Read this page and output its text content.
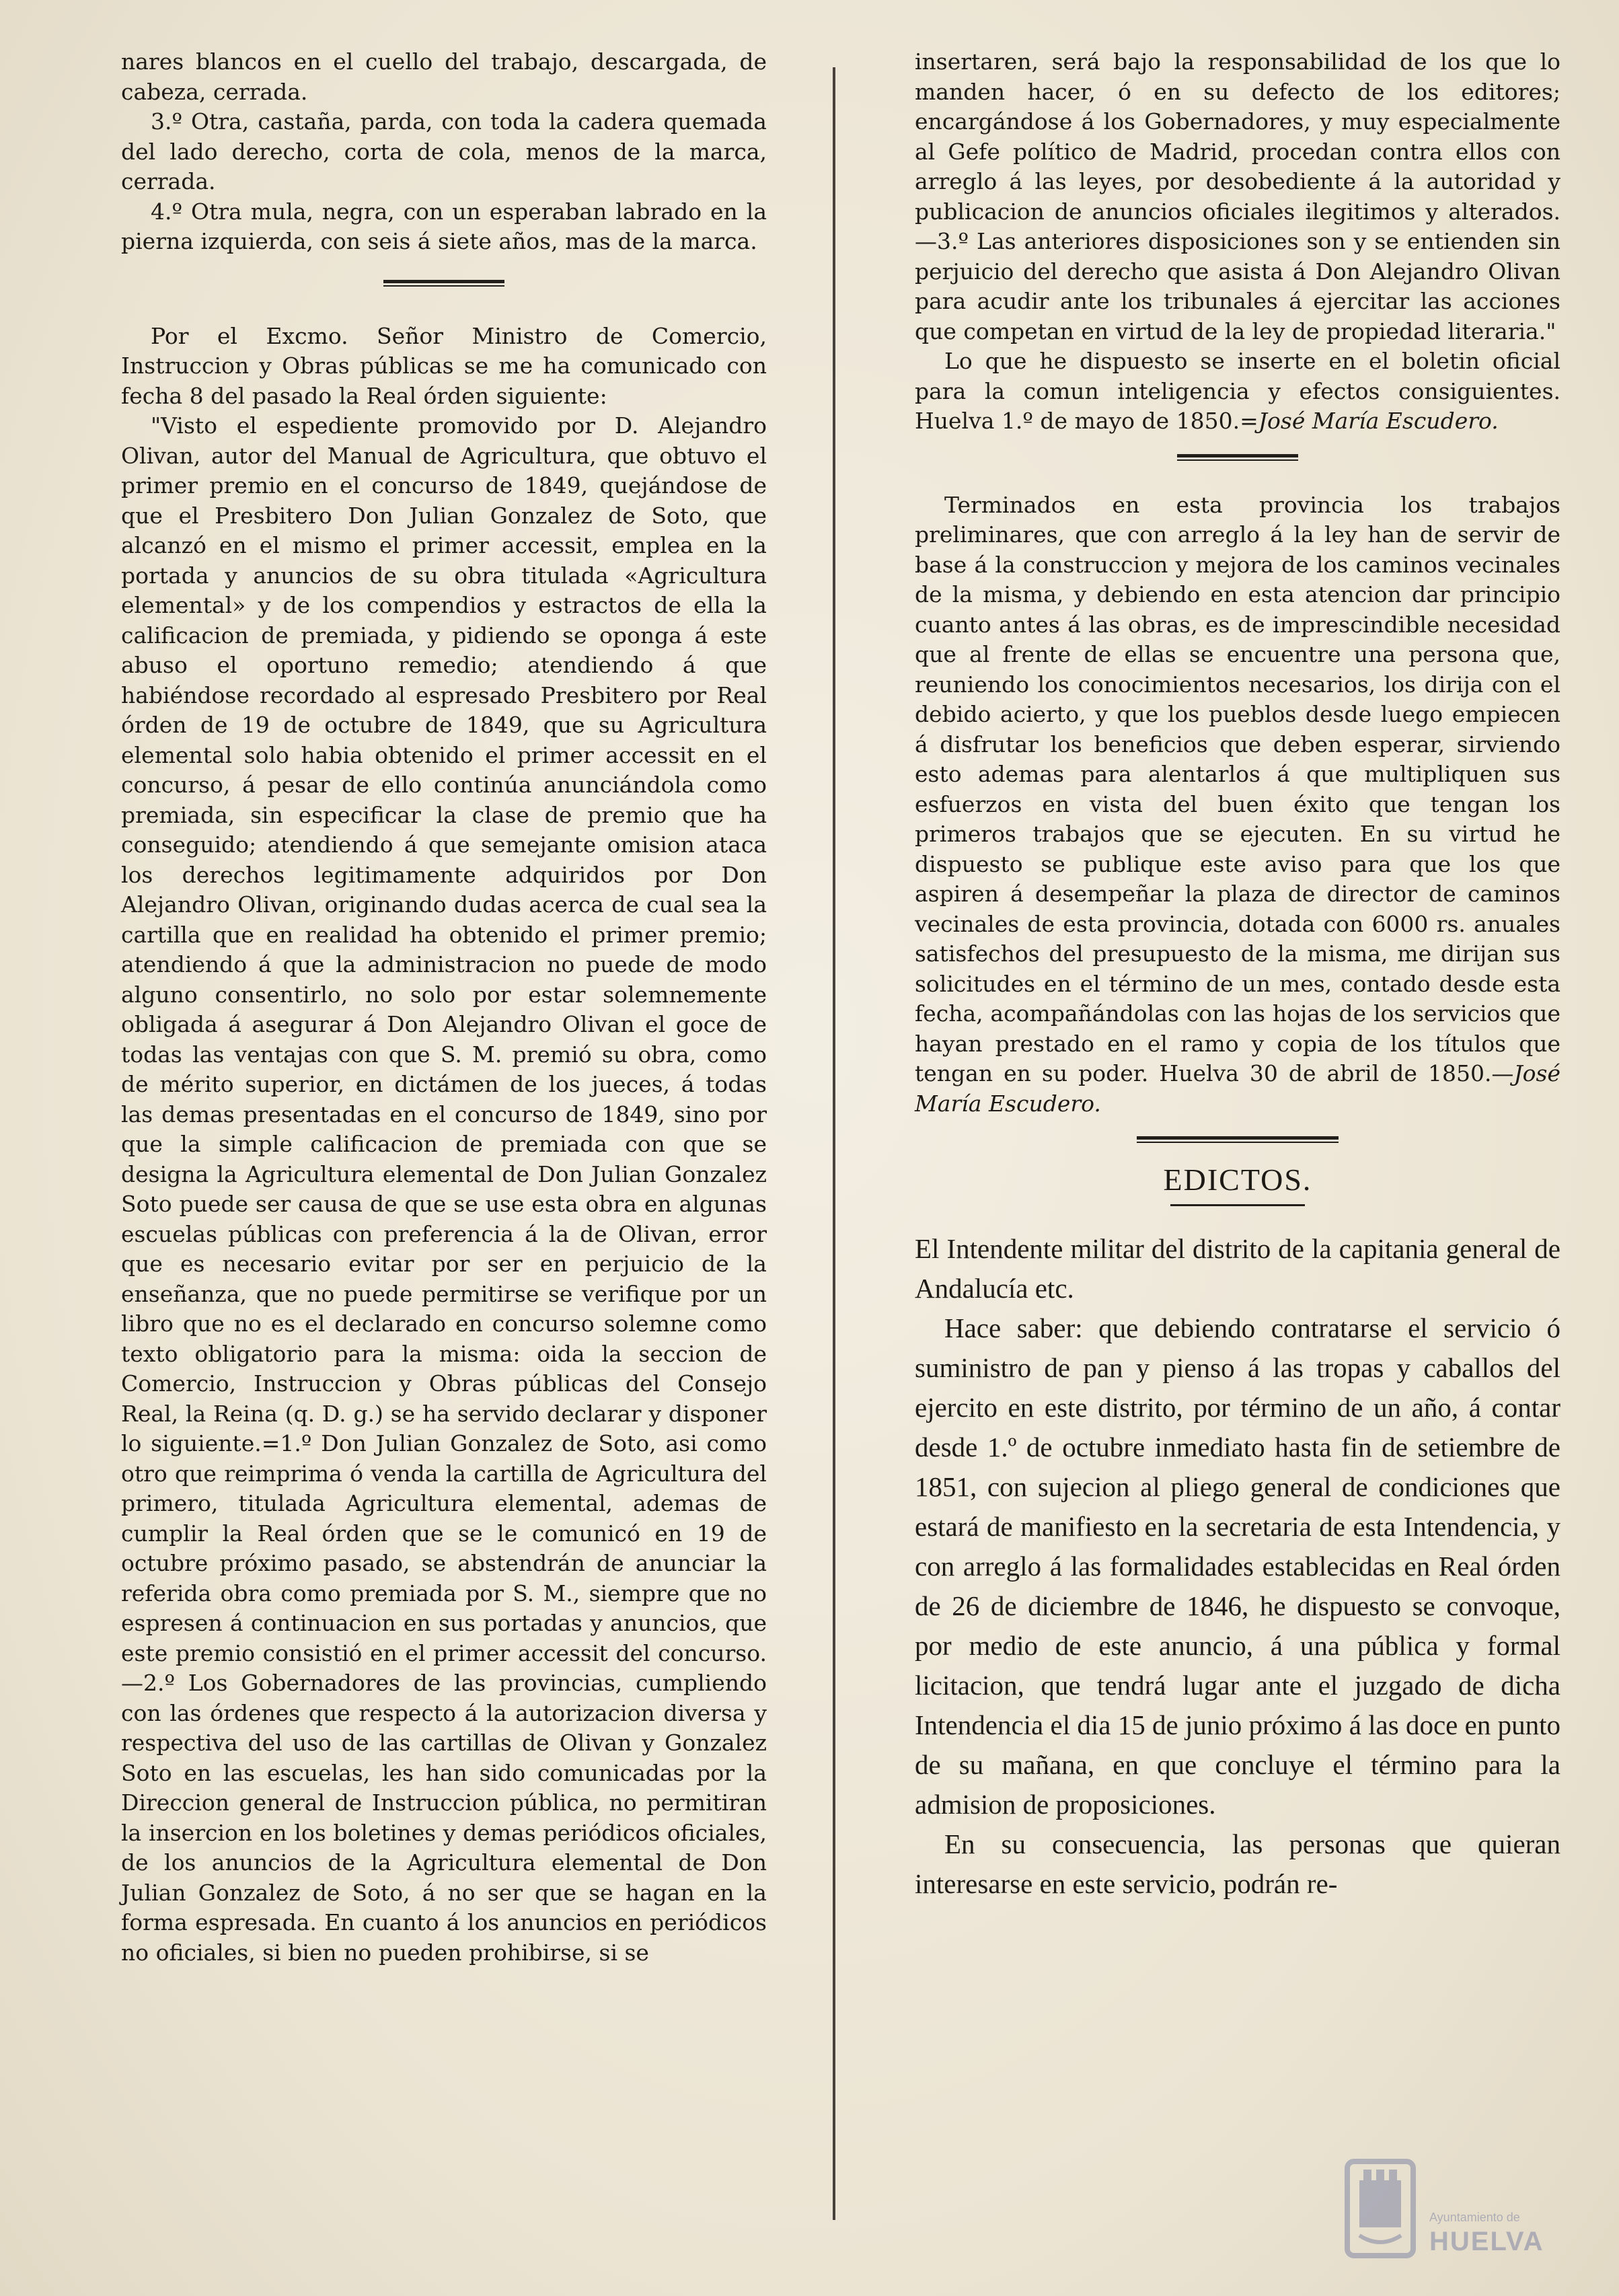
nares blancos en el cuello del trabajo, descargada, de cabeza, cerrada.

3.º Otra, castaña, parda, con toda la cadera quemada del lado derecho, corta de cola, menos de la marca, cerrada.

4.º Otra mula, negra, con un esperaban labrado en la pierna izquierda, con seis á siete años, mas de la marca.

Por el Excmo. Señor Ministro de Comercio, Instruccion y Obras públicas se me ha comunicado con fecha 8 del pasado la Real órden siguiente:

"Visto el espediente promovido por D. Alejandro Olivan, autor del Manual de Agricultura, que obtuvo el primer premio en el concurso de 1849, quejándose de que el Presbitero Don Julian Gonzalez de Soto, que alcanzó en el mismo el primer accessit, emplea en la portada y anuncios de su obra titulada «Agricultura elemental» y de los compendios y estractos de ella la calificacion de premiada, y pidiendo se oponga á este abuso el oportuno remedio; atendiendo á que habiéndose recordado al espresado Presbitero por Real órden de 19 de octubre de 1849, que su Agricultura elemental solo habia obtenido el primer accessit en el concurso, á pesar de ello continúa anunciándola como premiada, sin especificar la clase de premio que ha conseguido; atendiendo á que semejante omision ataca los derechos legitimamente adquiridos por Don Alejandro Olivan, originando dudas acerca de cual sea la cartilla que en realidad ha obtenido el primer premio; atendiendo á que la administracion no puede de modo alguno consentirlo, no solo por estar solemnemente obligada á asegurar á Don Alejandro Olivan el goce de todas las ventajas con que S. M. premió su obra, como de mérito superior, en dictámen de los jueces, á todas las demas presentadas en el concurso de 1849, sino por que la simple calificacion de premiada con que se designa la Agricultura elemental de Don Julian Gonzalez Soto puede ser causa de que se use esta obra en algunas escuelas públicas con preferencia á la de Olivan, error que es necesario evitar por ser en perjuicio de la enseñanza, que no puede permitirse se verifique por un libro que no es el declarado en concurso solemne como texto obligatorio para la misma: oida la seccion de Comercio, Instruccion y Obras públicas del Consejo Real, la Reina (q. D. g.) se ha servido declarar y disponer lo siguiente.=1.º Don Julian Gonzalez de Soto, asi como otro que reimprima ó venda la cartilla de Agricultura del primero, titulada Agricultura elemental, ademas de cumplir la Real órden que se le comunicó en 19 de octubre próximo pasado, se abstendrán de anunciar la referida obra como premiada por S. M., siempre que no espresen á continuacion en sus portadas y anuncios, que este premio consistió en el primer accessit del concurso.—2.º Los Gobernadores de las provincias, cumpliendo con las órdenes que respecto á la autorizacion diversa y respectiva del uso de las cartillas de Olivan y Gonzalez Soto en las escuelas, les han sido comunicadas por la Direccion general de Instruccion pública, no permitiran la insercion en los boletines y demas periódicos oficiales, de los anuncios de la Agricultura elemental de Don Julian Gonzalez de Soto, á no ser que se hagan en la forma espresada. En cuanto á los anuncios en periódicos no oficiales, si bien no pueden prohibirse, si se

insertaren, será bajo la responsabilidad de los que lo manden hacer, ó en su defecto de los editores; encargándose á los Gobernadores, y muy especialmente al Gefe político de Madrid, procedan contra ellos con arreglo á las leyes, por desobediente á la autoridad y publicacion de anuncios oficiales ilegitimos y alterados.—3.º Las anteriores disposiciones son y se entienden sin perjuicio del derecho que asista á Don Alejandro Olivan para acudir ante los tribunales á ejercitar las acciones que competan en virtud de la ley de propiedad literaria."

Lo que he dispuesto se inserte en el boletin oficial para la comun inteligencia y efectos consiguientes. Huelva 1.º de mayo de 1850.=José María Escudero.

Terminados en esta provincia los trabajos preliminares, que con arreglo á la ley han de servir de base á la construccion y mejora de los caminos vecinales de la misma, y debiendo en esta atencion dar principio cuanto antes á las obras, es de imprescindible necesidad que al frente de ellas se encuentre una persona que, reuniendo los conocimientos necesarios, los dirija con el debido acierto, y que los pueblos desde luego empiecen á disfrutar los beneficios que deben esperar, sirviendo esto ademas para alentarlos á que multipliquen sus esfuerzos en vista del buen éxito que tengan los primeros trabajos que se ejecuten. En su virtud he dispuesto se publique este aviso para que los que aspiren á desempeñar la plaza de director de caminos vecinales de esta provincia, dotada con 6000 rs. anuales satisfechos del presupuesto de la misma, me dirijan sus solicitudes en el término de un mes, contado desde esta fecha, acompañándolas con las hojas de los servicios que hayan prestado en el ramo y copia de los títulos que tengan en su poder. Huelva 30 de abril de 1850.—José María Escudero.

EDICTOS.

El Intendente militar del distrito de la capitania general de Andalucía etc.

Hace saber: que debiendo contratarse el servicio ó suministro de pan y pienso á las tropas y caballos del ejercito en este distrito, por término de un año, á contar desde 1.º de octubre inmediato hasta fin de setiembre de 1851, con sujecion al pliego general de condiciones que estará de manifiesto en la secretaria de esta Intendencia, y con arreglo á las formalidades establecidas en Real órden de 26 de diciembre de 1846, he dispuesto se convoque, por medio de este anuncio, á una pública y formal licitacion, que tendrá lugar ante el juzgado de dicha Intendencia el dia 15 de junio próximo á las doce en punto de su mañana, en que concluye el término para la admision de proposiciones.

En su consecuencia, las personas que quieran interesarse en este servicio, podrán re-

Ayuntamiento de
HUELVA
